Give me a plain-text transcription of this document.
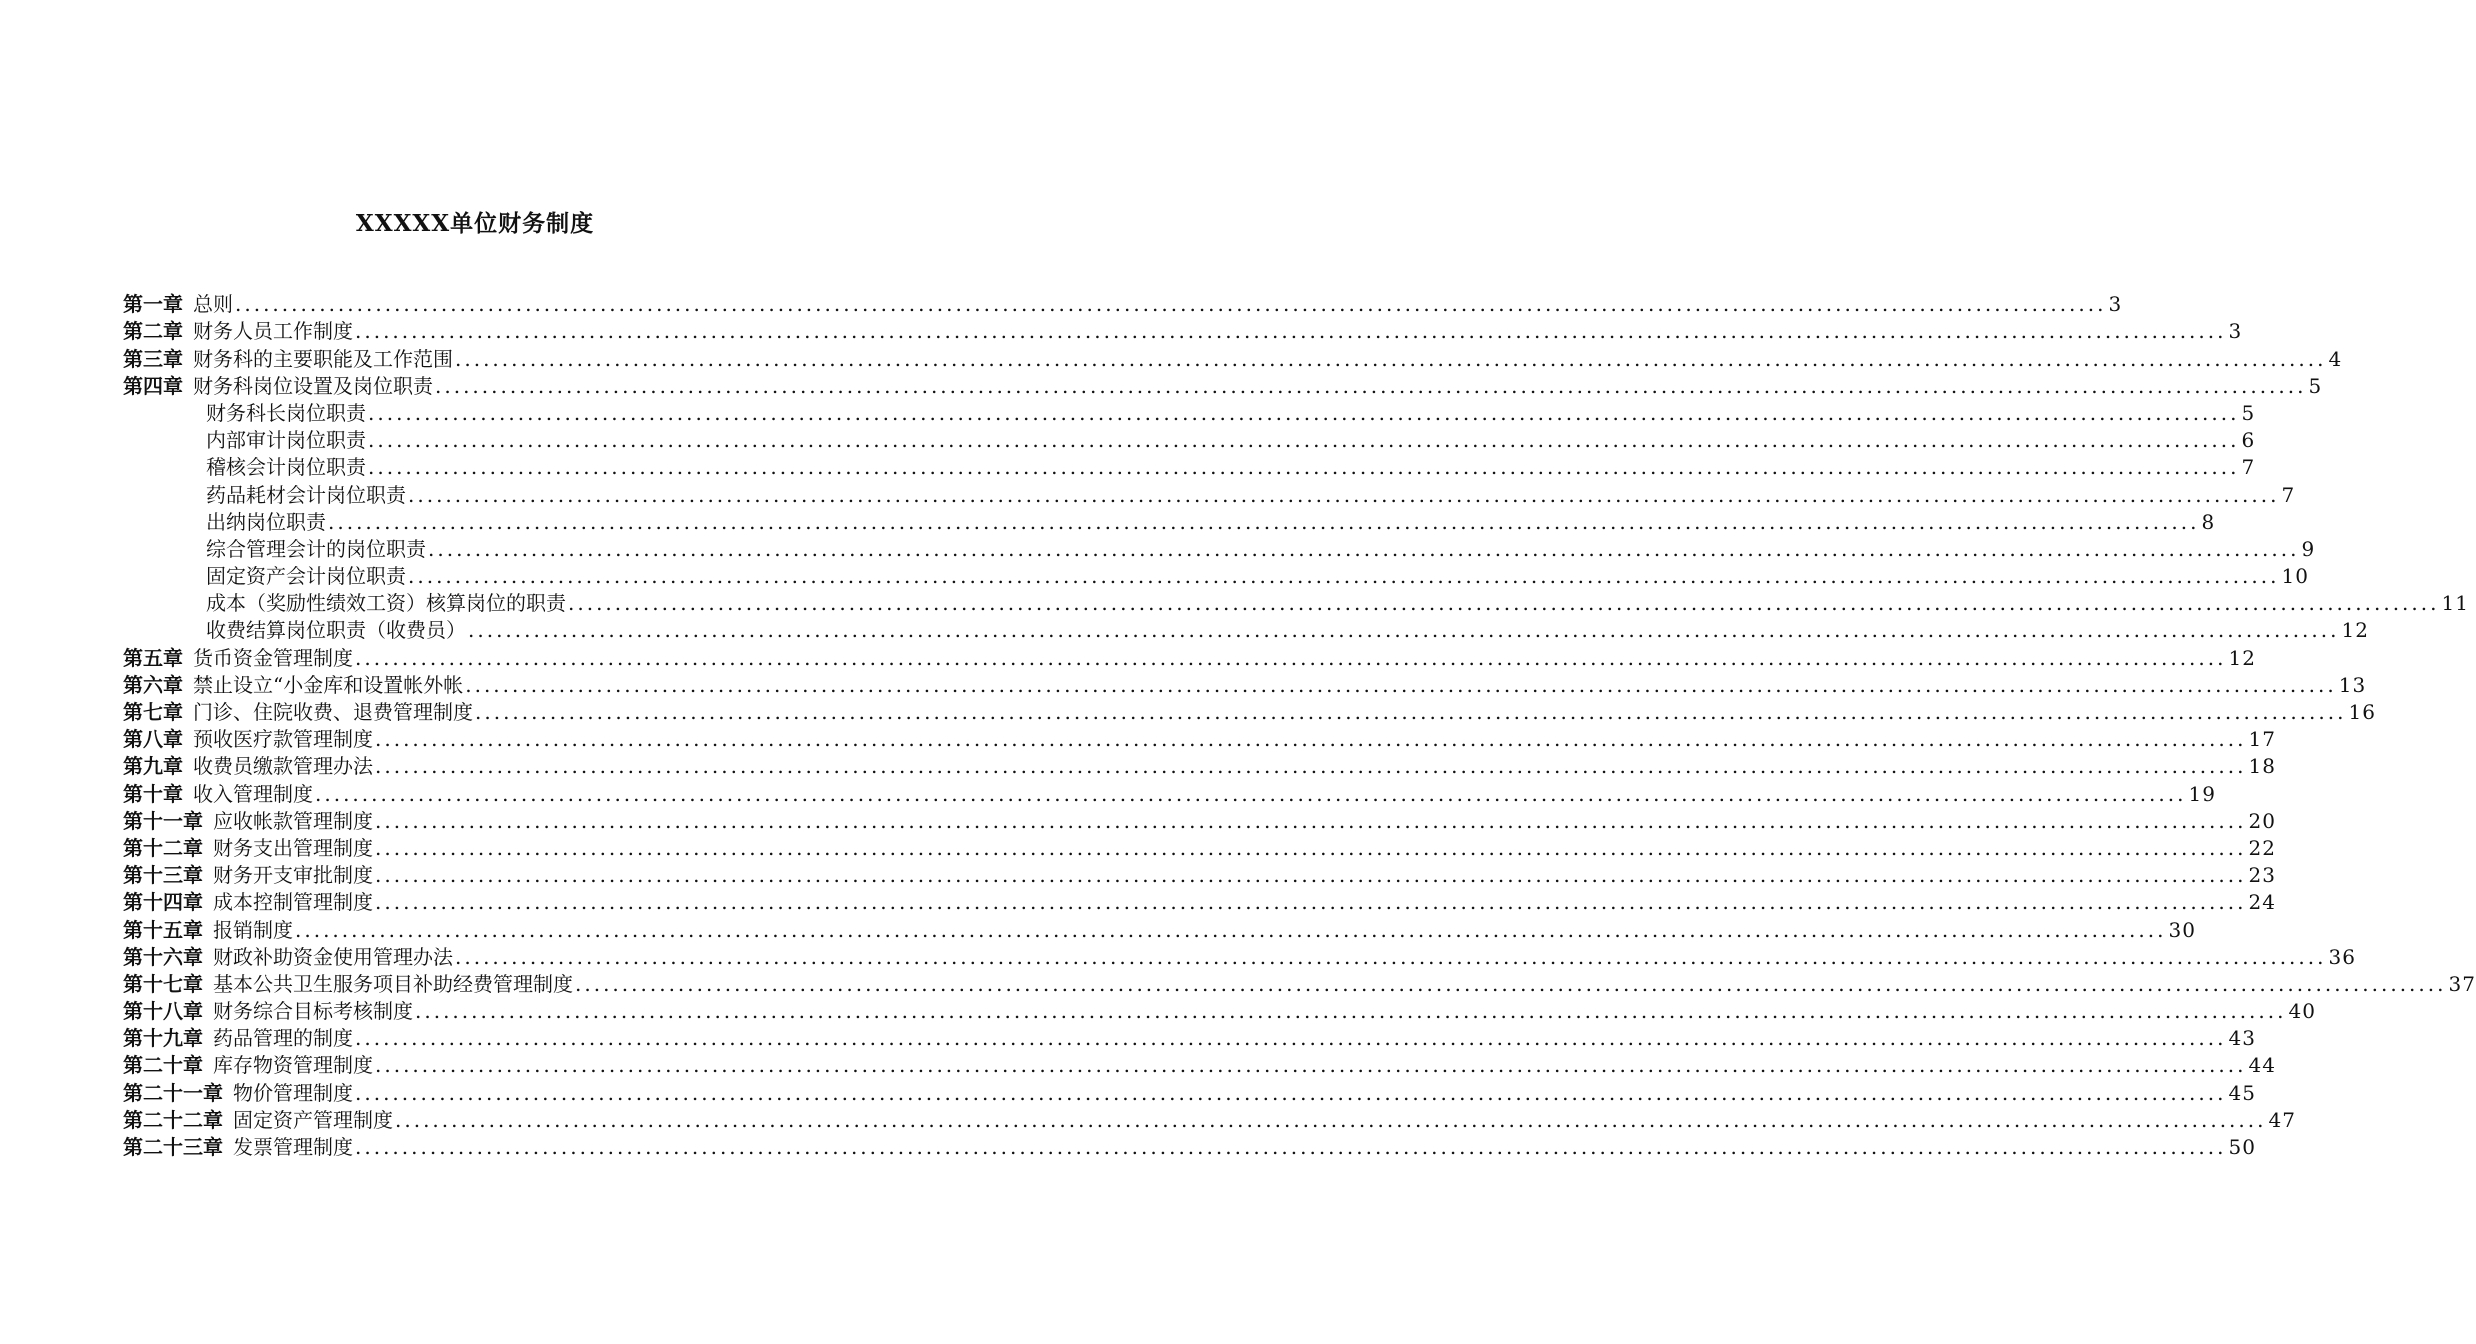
XXXXX单位财务制度
第一章 总则 ........................................................................................................................................................................................................ 3
第二章 财务人员工作制度 ........................................................................................................................................................................................................ 3
第三章 财务科的主要职能及工作范围 ........................................................................................................................................................................................................ 4
第四章 财务科岗位设置及岗位职责 ........................................................................................................................................................................................................ 5
财务科长岗位职责 ........................................................................................................................................................................................................ 5
内部审计岗位职责 ........................................................................................................................................................................................................ 6
稽核会计岗位职责 ........................................................................................................................................................................................................ 7
药品耗材会计岗位职责 ........................................................................................................................................................................................................ 7
出纳岗位职责 ........................................................................................................................................................................................................ 8
综合管理会计的岗位职责 ........................................................................................................................................................................................................ 9
固定资产会计岗位职责 ........................................................................................................................................................................................................ 10
成本（奖励性绩效工资）核算岗位的职责 ........................................................................................................................................................................................................ 11
收费结算岗位职责（收费员） ........................................................................................................................................................................................................ 12
第五章 货币资金管理制度 ........................................................................................................................................................................................................ 12
第六章 禁止设立“小金库和设置帐外帐 ........................................................................................................................................................................................................ 13
第七章 门诊、住院收费、退费管理制度 ........................................................................................................................................................................................................ 16
第八章 预收医疗款管理制度 ........................................................................................................................................................................................................ 17
第九章 收费员缴款管理办法 ........................................................................................................................................................................................................ 18
第十章 收入管理制度 ........................................................................................................................................................................................................ 19
第十一章 应收帐款管理制度 ........................................................................................................................................................................................................ 20
第十二章 财务支出管理制度 ........................................................................................................................................................................................................ 22
第十三章 财务开支审批制度 ........................................................................................................................................................................................................ 23
第十四章 成本控制管理制度 ........................................................................................................................................................................................................ 24
第十五章 报销制度 ........................................................................................................................................................................................................ 30
第十六章 财政补助资金使用管理办法 ........................................................................................................................................................................................................ 36
第十七章 基本公共卫生服务项目补助经费管理制度 ........................................................................................................................................................................................................ 37
第十八章 财务综合目标考核制度 ........................................................................................................................................................................................................ 40
第十九章 药品管理的制度 ........................................................................................................................................................................................................ 43
第二十章 库存物资管理制度 ........................................................................................................................................................................................................ 44
第二十一章 物价管理制度 ........................................................................................................................................................................................................ 45
第二十二章 固定资产管理制度 ........................................................................................................................................................................................................ 47
第二十三章 发票管理制度 ........................................................................................................................................................................................................ 50
